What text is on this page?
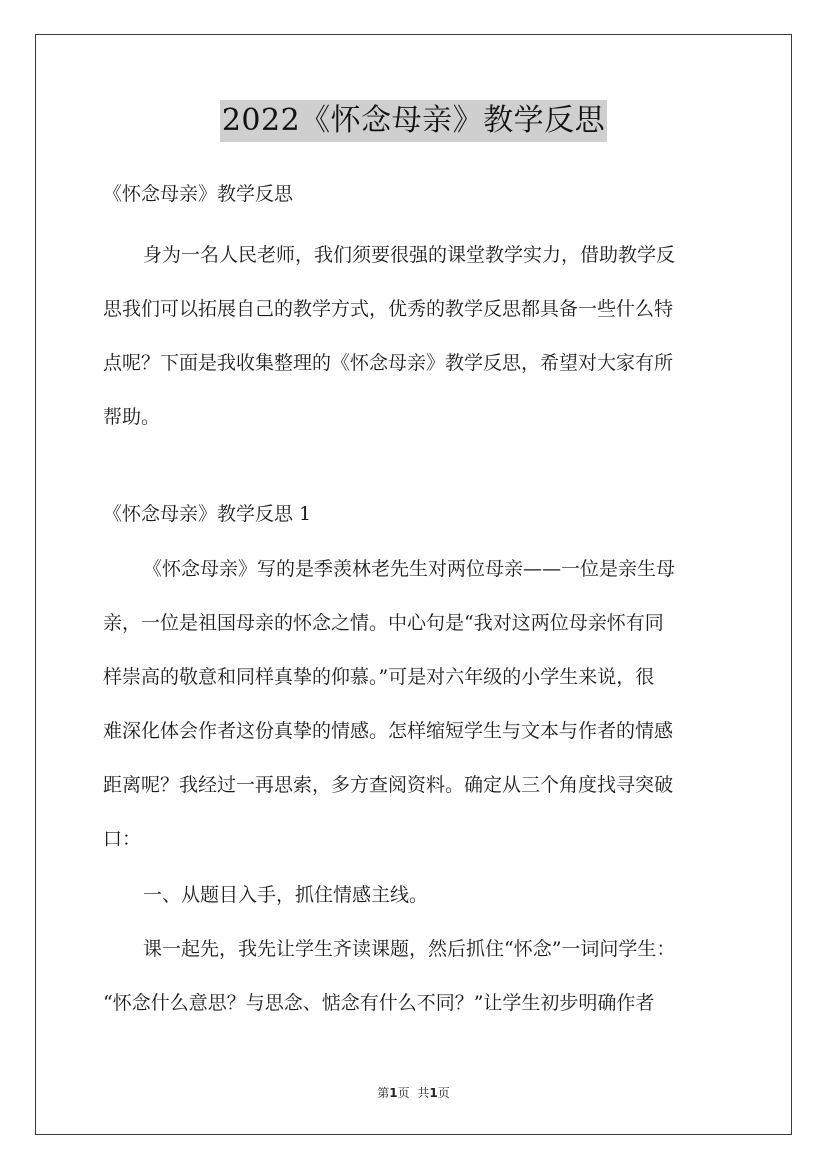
2022《怀念母亲》教学反思
《怀念母亲》教学反思
身为一名人民老师，我们须要很强的课堂教学实力，借助教学反
思我们可以拓展自己的教学方式，优秀的教学反思都具备一些什么特
点呢？下面是我收集整理的《怀念母亲》教学反思，希望对大家有所
帮助。
《怀念母亲》教学反思 1
《怀念母亲》写的是季羡林老先生对两位母亲——一位是亲生母
亲，一位是祖国母亲的怀念之情。中心句是“我对这两位母亲怀有同
样崇高的敬意和同样真挚的仰慕。”可是对六年级的小学生来说，很
难深化体会作者这份真挚的情感。怎样缩短学生与文本与作者的情感
距离呢？我经过一再思索，多方查阅资料。确定从三个角度找寻突破
口：
一、从题目入手，抓住情感主线。
课一起先，我先让学生齐读课题，然后抓住“怀念”一词问学生：
“怀念什么意思？与思念、惦念有什么不同？”让学生初步明确作者
第1页 共1页
